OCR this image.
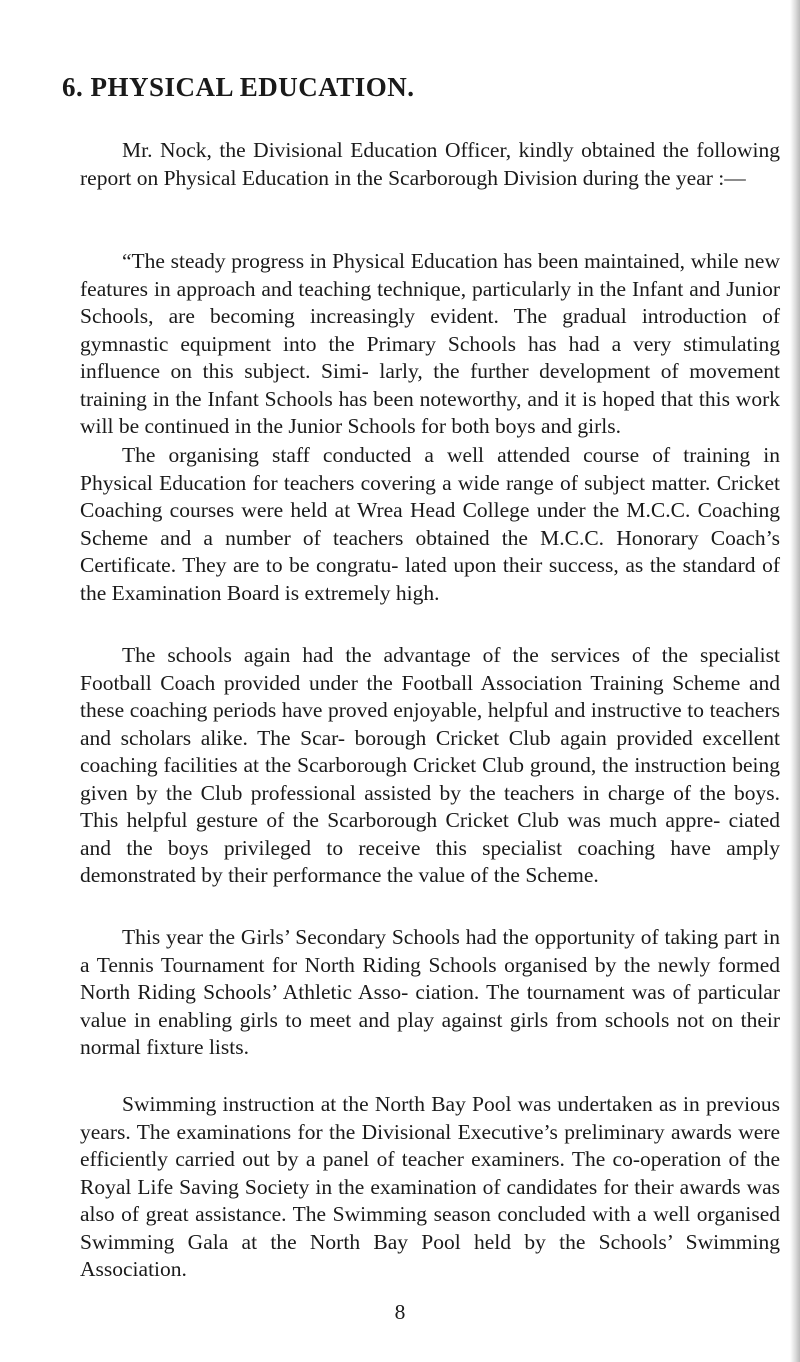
6. PHYSICAL EDUCATION.

Mr. Nock, the Divisional Education Officer, kindly obtained the following report on Physical Education in the Scarborough Division during the year :—

“The steady progress in Physical Education has been maintained, while new features in approach and teaching technique, particularly in the Infant and Junior Schools, are becoming increasingly evident. The gradual introduction of gymnastic equipment into the Primary Schools has had a very stimulating influence on this subject. Simi- larly, the further development of movement training in the Infant Schools has been noteworthy, and it is hoped that this work will be continued in the Junior Schools for both boys and girls.

The organising staff conducted a well attended course of training in Physical Education for teachers covering a wide range of subject matter. Cricket Coaching courses were held at Wrea Head College under the M.C.C. Coaching Scheme and a number of teachers obtained the M.C.C. Honorary Coach’s Certificate. They are to be congratu- lated upon their success, as the standard of the Examination Board is extremely high.

The schools again had the advantage of the services of the specialist Football Coach provided under the Football Association Training Scheme and these coaching periods have proved enjoyable, helpful and instructive to teachers and scholars alike. The Scar- borough Cricket Club again provided excellent coaching facilities at the Scarborough Cricket Club ground, the instruction being given by the Club professional assisted by the teachers in charge of the boys. This helpful gesture of the Scarborough Cricket Club was much appre- ciated and the boys privileged to receive this specialist coaching have amply demonstrated by their performance the value of the Scheme.

This year the Girls’ Secondary Schools had the opportunity of taking part in a Tennis Tournament for North Riding Schools organised by the newly formed North Riding Schools’ Athletic Asso- ciation. The tournament was of particular value in enabling girls to meet and play against girls from schools not on their normal fixture lists.

Swimming instruction at the North Bay Pool was undertaken as in previous years. The examinations for the Divisional Executive’s preliminary awards were efficiently carried out by a panel of teacher examiners. The co-operation of the Royal Life Saving Society in the examination of candidates for their awards was also of great assistance. The Swimming season concluded with a well organised Swimming Gala at the North Bay Pool held by the Schools’ Swimming Association.

8
